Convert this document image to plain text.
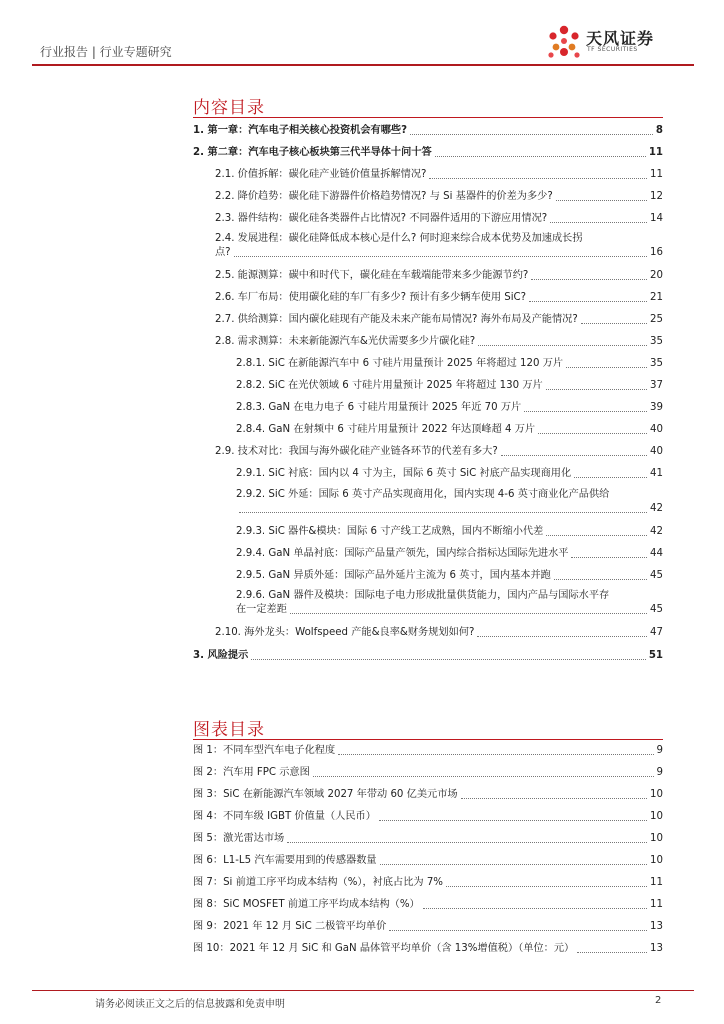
行业报告 | 行业专题研究
天风证券
TF SECURITIES
内容目录
1. 第一章：汽车电子相关核心投资机会有哪些?	8
2. 第二章：汽车电子核心板块第三代半导体十问十答	11
2.1. 价值拆解：碳化硅产业链价值量拆解情况?	11
2.2. 降价趋势：碳化硅下游器件价格趋势情况? 与 Si 基器件的价差为多少?	12
2.3. 器件结构：碳化硅各类器件占比情况? 不同器件适用的下游应用情况?	14
2.4. 发展进程：碳化硅降低成本核心是什么? 何时迎来综合成本优势及加速成长拐
点?	16
2.5. 能源测算：碳中和时代下，碳化硅在车载端能带来多少能源节约?	20
2.6. 车厂布局：使用碳化硅的车厂有多少? 预计有多少辆车使用 SiC?	21
2.7. 供给测算：国内碳化硅现有产能及未来产能布局情况? 海外布局及产能情况?	25
2.8. 需求测算：未来新能源汽车&光伏需要多少片碳化硅?	35
2.8.1. SiC 在新能源汽车中 6 寸硅片用量预计 2025 年将超过 120 万片	35
2.8.2. SiC 在光伏领域 6 寸硅片用量预计 2025 年将超过 130 万片	37
2.8.3. GaN 在电力电子 6 寸硅片用量预计 2025 年近 70 万片	39
2.8.4. GaN 在射频中 6 寸硅片用量预计 2022 年达顶峰超 4 万片	40
2.9. 技术对比：我国与海外碳化硅产业链各环节的代差有多大?	40
2.9.1. SiC 衬底：国内以 4 寸为主，国际 6 英寸 SiC 衬底产品实现商用化	41
2.9.2. SiC 外延：国际 6 英寸产品实现商用化，国内实现 4-6 英寸商业化产品供给
42
2.9.3. SiC 器件&模块：国际 6 寸产线工艺成熟，国内不断缩小代差	42
2.9.4. GaN 单晶衬底：国际产品量产领先，国内综合指标达国际先进水平	44
2.9.5. GaN 异质外延：国际产品外延片主流为 6 英寸，国内基本并跑	45
2.9.6. GaN 器件及模块：国际电子电力形成批量供货能力，国内产品与国际水平存
在一定差距	45
2.10. 海外龙头：Wolfspeed 产能&良率&财务规划如何?	47
3. 风险提示	51
图表目录
图 1：不同车型汽车电子化程度	9
图 2：汽车用 FPC 示意图	9
图 3：SiC 在新能源汽车领域 2027 年带动 60 亿美元市场	10
图 4：不同车级 IGBT 价值量（人民币）	10
图 5：激光雷达市场	10
图 6：L1-L5 汽车需要用到的传感器数量	10
图 7：Si 前道工序平均成本结构（%），衬底占比为 7%	11
图 8：SiC MOSFET 前道工序平均成本结构（%）	11
图 9：2021 年 12 月 SiC 二极管平均单价	13
图 10：2021 年 12 月 SiC 和 GaN 晶体管平均单价（含 13%增值税）（单位：元）	13
请务必阅读正文之后的信息披露和免责申明	2
